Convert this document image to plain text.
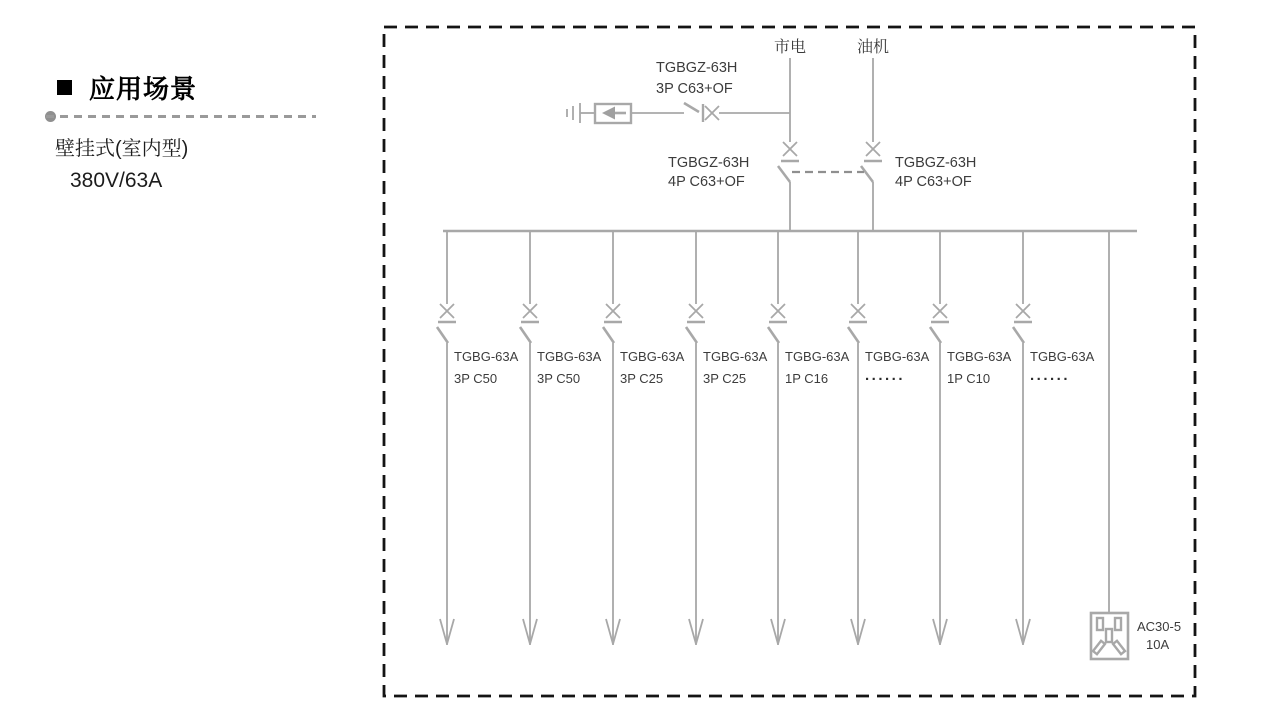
应用场景
壁挂式(室内型)
380V/63A
市电	油机
TGBGZ-63H
3P C63+OF
TGBGZ-63H
4P C63+OF
TGBGZ-63H
4P C63+OF
TGBG-63A
3P C50
TGBG-63A
3P C50
TGBG-63A
3P C25
TGBG-63A
3P C25
TGBG-63A
1P C16
TGBG-63A
......
TGBG-63A
1P C10
TGBG-63A
......
AC30-5
10A
